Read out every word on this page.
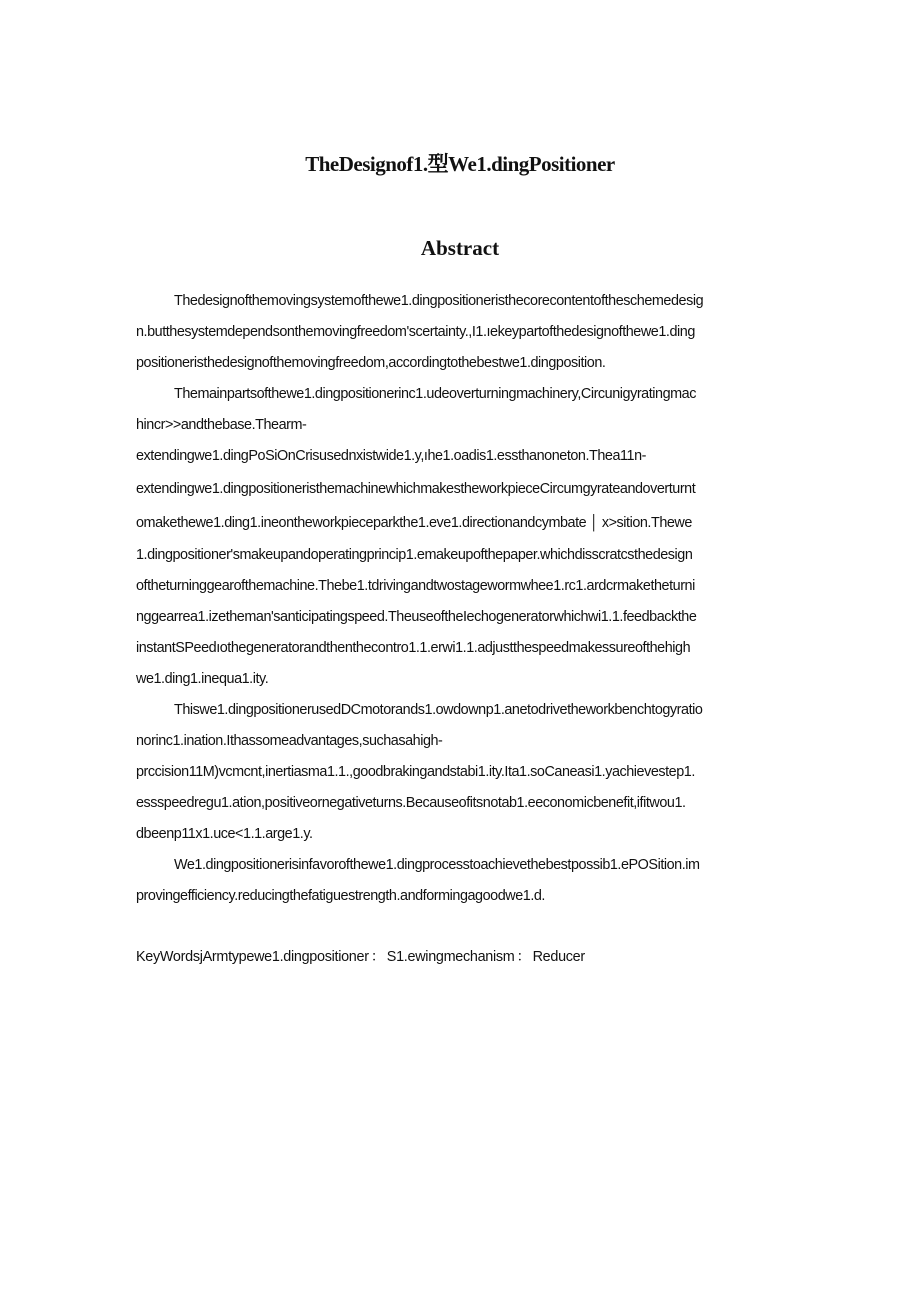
TheDesignof1.型We1.dingPositioner
Abstract
Thedesignofthemovingsystemofthewe1.dingpositioneristhecorecontentoftheschemedesig
n.butthesystemdependsonthemovingfreedom'scertainty.,I1.ıekeypartofthedesignofthewe1.ding
positioneristhedesignofthemovingfreedom,accordingtothebestwe1.dingposition.
Themainpartsofthewe1.dingpositionerinc1.udeoverturningmachinery,Circunigyratingmac
hincr>˃andthebase.Thearm-
extendingwe1.dingPoSiOnCrisusednxistwide1.y,ıhe1.oadis1.essthanoneton.Thea11n-
extendingwe1.dingpositioneristhemachinewhichmakestheworkpieceCircumgyrateandoverturnt
omakethewe1.ding1.ineontheworkpieceparkthe1.eve1.directionandcymbate │ x>sition.Thewe
1.dingpositioner'smakeupandoperatingprincip1.emakeupofthepaper.whichdisscratcsthedesign
oftheturninggearofthemachine.Thebe1.tdrivingandtwostagewormwhee1.rc1.ardcrmaketheturni
nggearrea1.izetheman'santicipatingspeed.TheuseoftheIechogeneratorwhichwi1.1.feedbackthe
instantSPeedıothegeneratorandthenthecontro1.1.erwi1.1.adjustthespeedmakessureofthehigh
we1.ding1.inequa1.ity.
Thiswe1.dingpositionerusedDCmotorands1.owdownp1.anetodrivetheworkbenchtogyratio
norinc1.ination.Ithassomeadvantages,suchasahigh-
prccision11M)vcmcnt,inertiasma1.1.,goodbrakingandstabi1.ity.Ita1.soCaneasi1.yachievestep1.
essspeedregu1.ation,positiveornegativeturns.Becauseofitsnotab1.eeconomicbenefit,ifitwou1.
dbeenp11x1.uce<1.1.arge1.y.
We1.dingpositionerisinfavorofthewe1.dingprocesstoachievethebestpossib1.ePOSition.im
provingefficiency.reducingthefatiguestrength.andformingagoodwe1.d.
KeyWordsjArmtypewe1.dingpositioner ： S1.ewingmechanism ： Reducer
